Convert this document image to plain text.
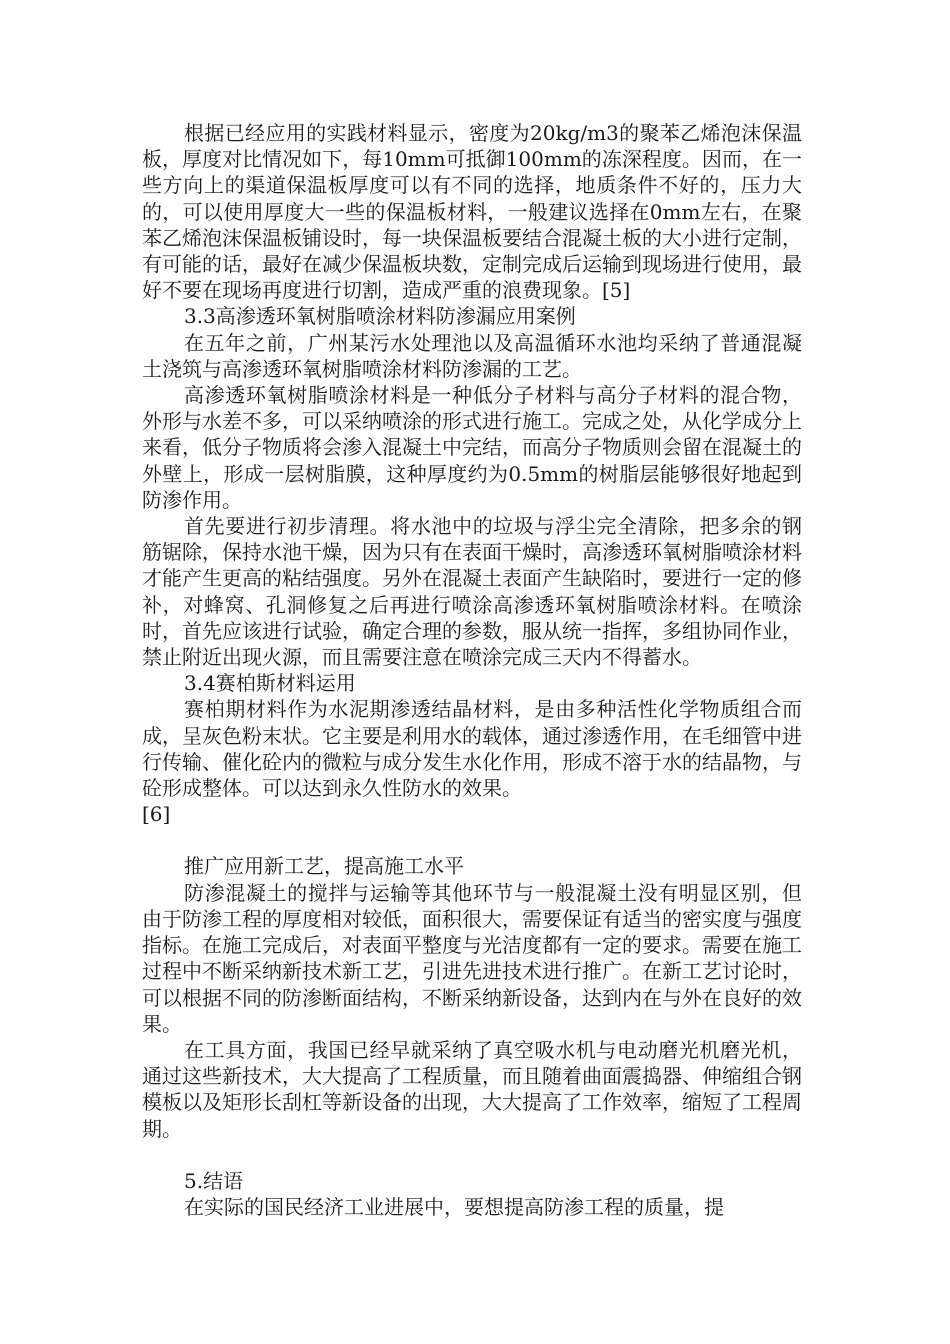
根据已经应用的实践材料显示，密度为20kg/m3的聚苯乙烯泡沫保温板，厚度对比情况如下，每10mm可抵御100mm的冻深程度。因而，在一些方向上的渠道保温板厚度可以有不同的选择，地质条件不好的，压力大的，可以使用厚度大一些的保温板材料，一般建议选择在0mm左右，在聚苯乙烯泡沫保温板铺设时，每一块保温板要结合混凝土板的大小进行定制，有可能的话，最好在减少保温板块数，定制完成后运输到现场进行使用，最好不要在现场再度进行切割，造成严重的浪费现象。[5]

3.3高渗透环氧树脂喷涂材料防渗漏应用案例

在五年之前，广州某污水处理池以及高温循环水池均采纳了普通混凝土浇筑与高渗透环氧树脂喷涂材料防渗漏的工艺。

高渗透环氧树脂喷涂材料是一种低分子材料与高分子材料的混合物，外形与水差不多，可以采纳喷涂的形式进行施工。完成之处，从化学成分上来看，低分子物质将会渗入混凝土中完结，而高分子物质则会留在混凝土的外壁上，形成一层树脂膜，这种厚度约为0.5mm的树脂层能够很好地起到防渗作用。

首先要进行初步清理。将水池中的垃圾与浮尘完全清除，把多余的钢筋锯除，保持水池干燥，因为只有在表面干燥时，高渗透环氧树脂喷涂材料才能产生更高的粘结强度。另外在混凝土表面产生缺陷时，要进行一定的修补，对蜂窝、孔洞修复之后再进行喷涂高渗透环氧树脂喷涂材料。在喷涂时，首先应该进行试验，确定合理的参数，服从统一指挥，多组协同作业，禁止附近出现火源，而且需要注意在喷涂完成三天内不得蓄水。

3.4赛柏斯材料运用

赛柏期材料作为水泥期渗透结晶材料，是由多种活性化学物质组合而成，呈灰色粉末状。它主要是利用水的载体，通过渗透作用，在毛细管中进行传输、催化砼内的微粒与成分发生水化作用，形成不溶于水的结晶物，与砼形成整体。可以达到永久性防水的效果。

[6]

推广应用新工艺，提高施工水平

防渗混凝土的搅拌与运输等其他环节与一般混凝土没有明显区别，但由于防渗工程的厚度相对较低，面积很大，需要保证有适当的密实度与强度指标。在施工完成后，对表面平整度与光洁度都有一定的要求。需要在施工过程中不断采纳新技术新工艺，引进先进技术进行推广。在新工艺讨论时，可以根据不同的防渗断面结构，不断采纳新设备，达到内在与外在良好的效果。

在工具方面，我国已经早就采纳了真空吸水机与电动磨光机磨光机，通过这些新技术，大大提高了工程质量，而且随着曲面震捣器、伸缩组合钢模板以及矩形长刮杠等新设备的出现，大大提高了工作效率，缩短了工程周期。

5.结语

在实际的国民经济工业进展中，要想提高防渗工程的质量，提
